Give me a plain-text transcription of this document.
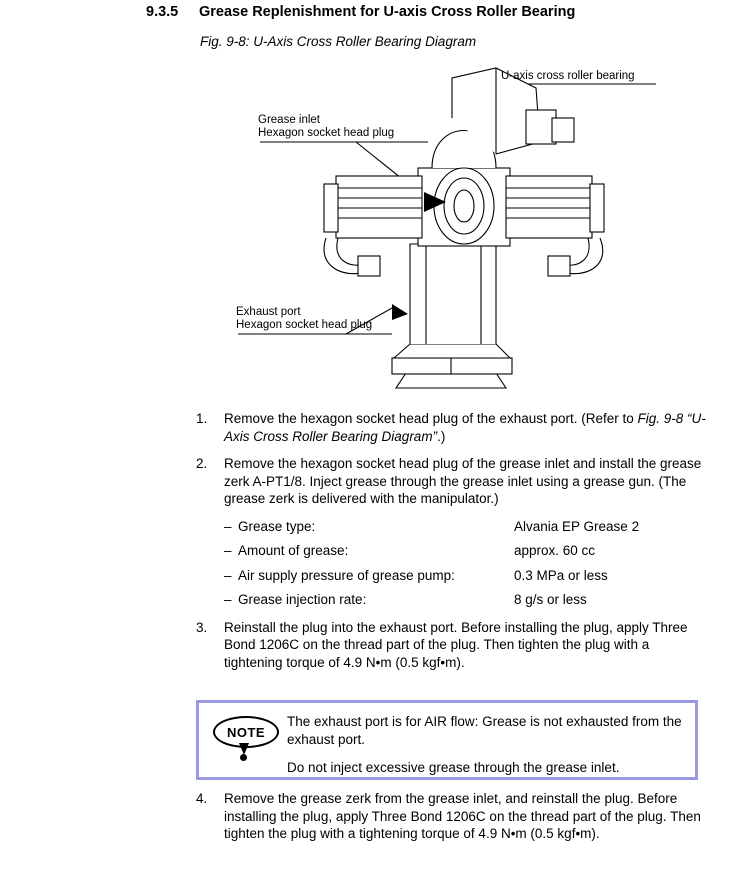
9.3.5	Grease Replenishment for U-axis Cross Roller Bearing
Fig. 9-8: U-Axis Cross Roller Bearing Diagram
U-axis cross roller bearing
Grease inlet
Hexagon socket head plug
Exhaust port
Hexagon socket head plug
1.	Remove the hexagon socket head plug of the exhaust port. (Refer to Fig. 9-8 “U-Axis Cross Roller Bearing Diagram”.)
2.	Remove the hexagon socket head plug of the grease inlet and install the grease zerk A-PT1/8. Inject grease through the grease inlet using a grease gun. (The grease zerk is delivered with the manipulator.)
– Grease type:	Alvania EP Grease 2
– Amount of grease:	approx. 60 cc
– Air supply pressure of grease pump:	0.3 MPa or less
– Grease injection rate:	8 g/s or less
3.	Reinstall the plug into the exhaust port. Before installing the plug, apply Three Bond 1206C on the thread part of the plug. Then tighten the plug with a tightening torque of 4.9 N•m (0.5 kgf•m).
NOTE

The exhaust port is for AIR flow: Grease is not exhausted from the exhaust port.

Do not inject excessive grease through the grease inlet.

4.	Remove the grease zerk from the grease inlet, and reinstall the plug. Before installing the plug, apply Three Bond 1206C on the thread part of the plug. Then tighten the plug with a tightening torque of 4.9 N•m (0.5 kgf•m).
